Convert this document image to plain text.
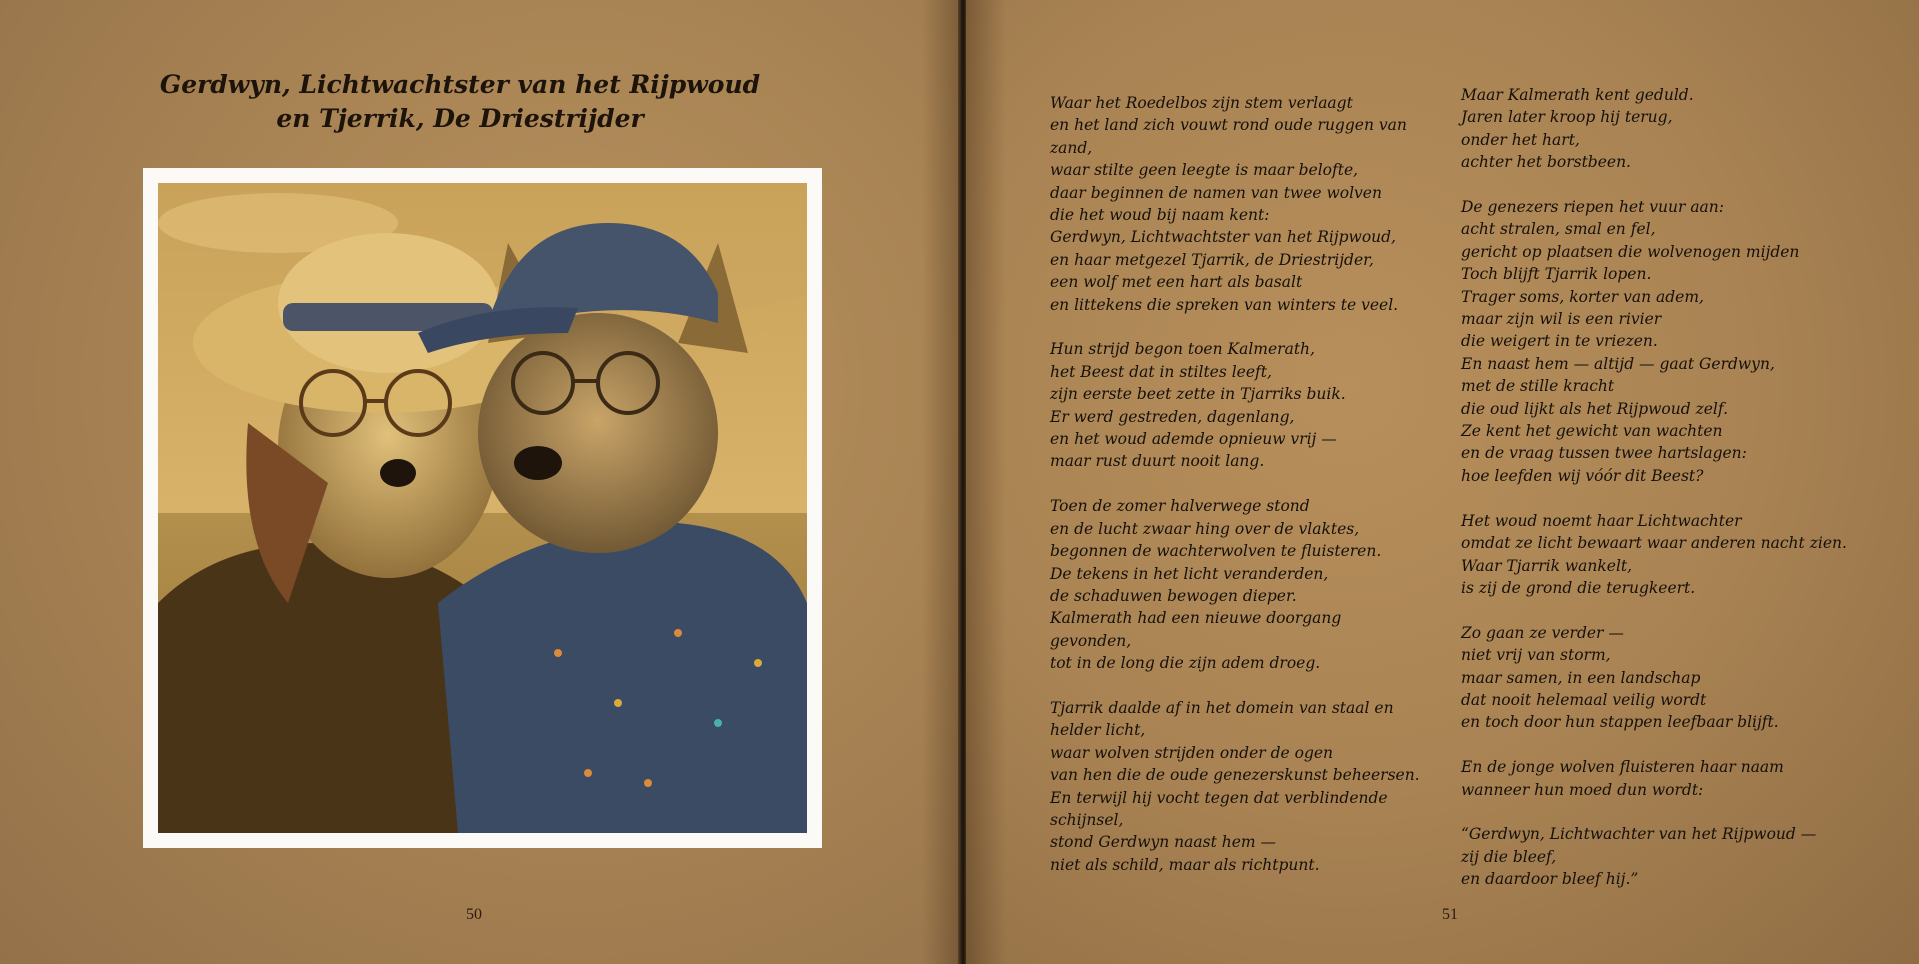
Gerdwyn, Lichtwachtster van het Rijpwoud
en Tjerrik, De Driestrijder
50

Waar het Roedelbos zijn stem verlaagt
en het land zich vouwt rond oude ruggen van
zand,
waar stilte geen leegte is maar belofte,
daar beginnen de namen van twee wolven
die het woud bij naam kent:
Gerdwyn, Lichtwachtster van het Rijpwoud,
en haar metgezel Tjarrik, de Driestrijder,
een wolf met een hart als basalt
en littekens die spreken van winters te veel.

Hun strijd begon toen Kalmerath,
het Beest dat in stiltes leeft,
zijn eerste beet zette in Tjarriks buik.
Er werd gestreden, dagenlang,
en het woud ademde opnieuw vrij —
maar rust duurt nooit lang.

Toen de zomer halverwege stond
en de lucht zwaar hing over de vlaktes,
begonnen de wachterwolven te fluisteren.
De tekens in het licht veranderden,
de schaduwen bewogen dieper.
Kalmerath had een nieuwe doorgang
gevonden,
tot in de long die zijn adem droeg.

Tjarrik daalde af in het domein van staal en
helder licht,
waar wolven strijden onder de ogen
van hen die de oude genezerskunst beheersen.
En terwijl hij vocht tegen dat verblindende
schijnsel,
stond Gerdwyn naast hem —
niet als schild, maar als richtpunt.

Maar Kalmerath kent geduld.
Jaren later kroop hij terug,
onder het hart,
achter het borstbeen.

De genezers riepen het vuur aan:
acht stralen, smal en fel,
gericht op plaatsen die wolvenogen mijden
Toch blijft Tjarrik lopen.
Trager soms, korter van adem,
maar zijn wil is een rivier
die weigert in te vriezen.
En naast hem — altijd — gaat Gerdwyn,
met de stille kracht
die oud lijkt als het Rijpwoud zelf.
Ze kent het gewicht van wachten
en de vraag tussen twee hartslagen:
hoe leefden wij vóór dit Beest?

Het woud noemt haar Lichtwachter
omdat ze licht bewaart waar anderen nacht zien.
Waar Tjarrik wankelt,
is zij de grond die terugkeert.

Zo gaan ze verder —
niet vrij van storm,
maar samen, in een landschap
dat nooit helemaal veilig wordt
en toch door hun stappen leefbaar blijft.

En de jonge wolven fluisteren haar naam
wanneer hun moed dun wordt:

“Gerdwyn, Lichtwachter van het Rijpwoud —
zij die bleef,
en daardoor bleef hij.”

51
